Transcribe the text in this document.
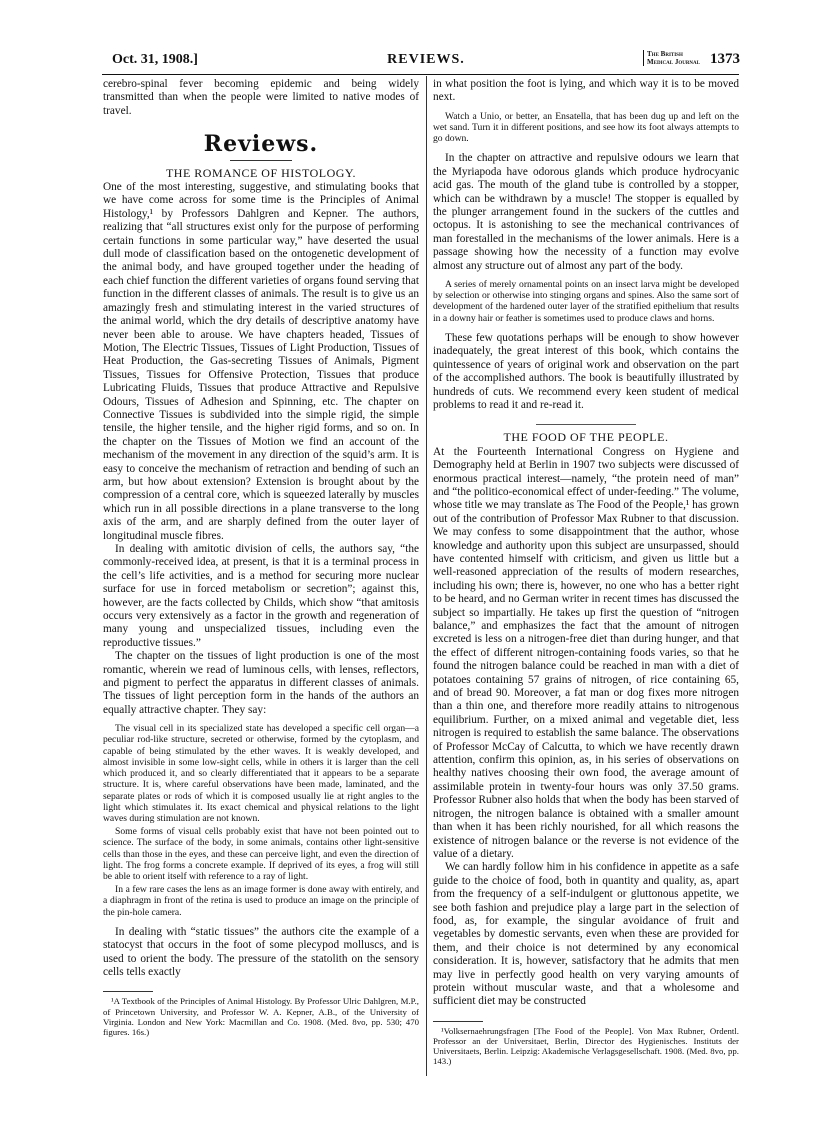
Oct. 31, 1908.]	REVIEWS.	The British
Medical Journal 1373

cerebro-spinal fever becoming epidemic and being widely transmitted than when the people were limited to native modes of travel.

Reviews.
THE ROMANCE OF HISTOLOGY.

One of the most interesting, suggestive, and stimulating books that we have come across for some time is the Principles of Animal Histology,¹ by Professors Dahlgren and Kepner. The authors, realizing that “all structures exist only for the purpose of performing certain functions in some particular way,” have deserted the usual dull mode of classification based on the ontogenetic development of the animal body, and have grouped together under the heading of each chief function the different varieties of organs found serving that function in the different classes of animals. The result is to give us an amazingly fresh and stimulating interest in the varied structures of the animal world, which the dry details of descriptive anatomy have never been able to arouse. We have chapters headed, Tissues of Motion, The Electric Tissues, Tissues of Light Production, Tissues of Heat Production, the Gas-secreting Tissues of Animals, Pigment Tissues, Tissues for Offensive Protection, Tissues that produce Lubricating Fluids, Tissues that produce Attractive and Repulsive Odours, Tissues of Adhesion and Spinning, etc. The chapter on Connective Tissues is subdivided into the simple rigid, the simple tensile, the higher tensile, and the higher rigid forms, and so on. In the chapter on the Tissues of Motion we find an account of the mechanism of the movement in any direction of the squid’s arm. It is easy to conceive the mechanism of retraction and bending of such an arm, but how about extension? Extension is brought about by the compression of a central core, which is squeezed laterally by muscles which run in all possible directions in a plane transverse to the long axis of the arm, and are sharply defined from the outer layer of longitudinal muscle fibres.

In dealing with amitotic division of cells, the authors say, “the commonly-received idea, at present, is that it is a terminal process in the cell’s life activities, and is a method for securing more nuclear surface for use in forced metabolism or secretion”; against this, however, are the facts collected by Childs, which show “that amitosis occurs very extensively as a factor in the growth and regeneration of many young and unspecialized tissues, including even the reproductive tissues.”

The chapter on the tissues of light production is one of the most romantic, wherein we read of luminous cells, with lenses, reflectors, and pigment to perfect the apparatus in different classes of animals. The tissues of light perception form in the hands of the authors an equally attractive chapter. They say:

The visual cell in its specialized state has developed a specific cell organ—a peculiar rod-like structure, secreted or otherwise, formed by the cytoplasm, and capable of being stimulated by the ether waves. It is weakly developed, and almost invisible in some low-sight cells, while in others it is larger than the cell which produced it, and so clearly differentiated that it appears to be a separate structure. It is, where careful observations have been made, laminated, and the separate plates or rods of which it is composed usually lie at right angles to the light which stimulates it. Its exact chemical and physical relations to the light waves during stimulation are not known.
Some forms of visual cells probably exist that have not been pointed out to science. The surface of the body, in some animals, contains other light-sensitive cells than those in the eyes, and these can perceive light, and even the direction of light. The frog forms a concrete example. If deprived of its eyes, a frog will still be able to orient itself with reference to a ray of light.
In a few rare cases the lens as an image former is done away with entirely, and a diaphragm in front of the retina is used to produce an image on the principle of the pin-hole camera.

In dealing with “static tissues” the authors cite the example of a statocyst that occurs in the foot of some plecypod molluscs, and is used to orient the body. The pressure of the statolith on the sensory cells tells exactly

¹A Textbook of the Principles of Animal Histology. By Professor Ulric Dahlgren, M.P., of Princetown University, and Professor W. A. Kepner, A.B., of the University of Virginia. London and New York: Macmillan and Co. 1908. (Med. 8vo, pp. 530; 470 figures. 16s.)

in what position the foot is lying, and which way it is to be moved next.

Watch a Unio, or better, an Ensatella, that has been dug up and left on the wet sand. Turn it in different positions, and see how its foot always attempts to go down.

In the chapter on attractive and repulsive odours we learn that the Myriapoda have odorous glands which produce hydrocyanic acid gas. The mouth of the gland tube is controlled by a stopper, which can be withdrawn by a muscle! The stopper is equalled by the plunger arrangement found in the suckers of the cuttles and octopus. It is astonishing to see the mechanical contrivances of man forestalled in the mechanisms of the lower animals. Here is a passage showing how the necessity of a function may evolve almost any structure out of almost any part of the body.

A series of merely ornamental points on an insect larva might be developed by selection or otherwise into stinging organs and spines. Also the same sort of development of the hardened outer layer of the stratified epithelium that results in a downy hair or feather is sometimes used to produce claws and horns.

These few quotations perhaps will be enough to show however inadequately, the great interest of this book, which contains the quintessence of years of original work and observation on the part of the accomplished authors. The book is beautifully illustrated by hundreds of cuts. We recommend every keen student of medical problems to read it and re-read it.

THE FOOD OF THE PEOPLE.

At the Fourteenth International Congress on Hygiene and Demography held at Berlin in 1907 two subjects were discussed of enormous practical interest—namely, “the protein need of man” and “the politico-economical effect of under-feeding.” The volume, whose title we may translate as The Food of the People,¹ has grown out of the contribution of Professor Max Rubner to that discussion. We may confess to some disappointment that the author, whose knowledge and authority upon this subject are unsurpassed, should have contented himself with criticism, and given us little but a well-reasoned appreciation of the results of modern researches, including his own; there is, however, no one who has a better right to be heard, and no German writer in recent times has discussed the subject so impartially. He takes up first the question of “nitrogen balance,” and emphasizes the fact that the amount of nitrogen excreted is less on a nitrogen-free diet than during hunger, and that the effect of different nitrogen-containing foods varies, so that he found the nitrogen balance could be reached in man with a diet of potatoes containing 57 grains of nitrogen, of rice containing 65, and of bread 90. Moreover, a fat man or dog fixes more nitrogen than a thin one, and therefore more readily attains to nitrogenous equilibrium. Further, on a mixed animal and vegetable diet, less nitrogen is required to establish the same balance. The observations of Professor McCay of Calcutta, to which we have recently drawn attention, confirm this opinion, as, in his series of observations on healthy natives choosing their own food, the average amount of assimilable protein in twenty-four hours was only 37.50 grams. Professor Rubner also holds that when the body has been starved of nitrogen, the nitrogen balance is obtained with a smaller amount than when it has been richly nourished, for all which reasons the existence of nitrogen balance or the reverse is not evidence of the value of a dietary.

We can hardly follow him in his confidence in appetite as a safe guide to the choice of food, both in quantity and quality, as, apart from the frequency of a self-indulgent or gluttonous appetite, we see both fashion and prejudice play a large part in the selection of food, as, for example, the singular avoidance of fruit and vegetables by domestic servants, even when these are provided for them, and their choice is not determined by any economical consideration. It is, however, satisfactory that he admits that men may live in perfectly good health on very varying amounts of protein without muscular waste, and that a wholesome and sufficient diet may be constructed

¹Volksernaehrungsfragen [The Food of the People]. Von Max Rubner, Ordentl. Professor an der Universitaet, Berlin, Director des Hygienisches. Instituts der Universitaets, Berlin. Leipzig: Akademische Verlagsgesellschaft. 1908. (Med. 8vo, pp. 143.)
